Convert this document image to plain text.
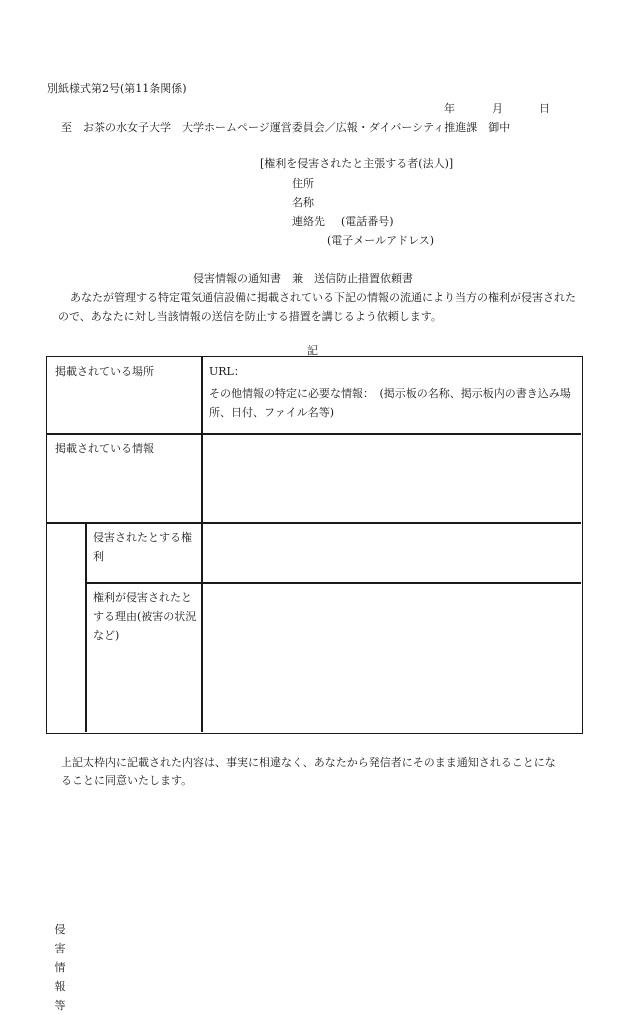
別紙様式第2号(第11条関係)
年	月	日
至　お茶の水女子大学　大学ホームページ運営委員会／広報・ダイバーシティ推進課　御中
[権利を侵害されたと主張する者(法人)]
住所
名称
連絡先 (電話番号)
(電子メールアドレス)
侵害情報の通知書　兼　送信防止措置依頼書
あなたが管理する特定電気通信設備に掲載されている下記の情報の流通により当方の権利が侵害されたので、あなたに対し当該情報の送信を防止する措置を講じるよう依頼します。
記
掲載されている場所	URL：
その他情報の特定に必要な情報：　(掲示板の名称、掲示板内の書き込み場所、日付、ファイル名等)
掲載されている情報
侵害情報等
侵害されたとする権利
権利が侵害されたとする理由(被害の状況など)
上記太枠内に記載された内容は、事実に相違なく、あなたから発信者にそのまま通知されることになることに同意いたします。
